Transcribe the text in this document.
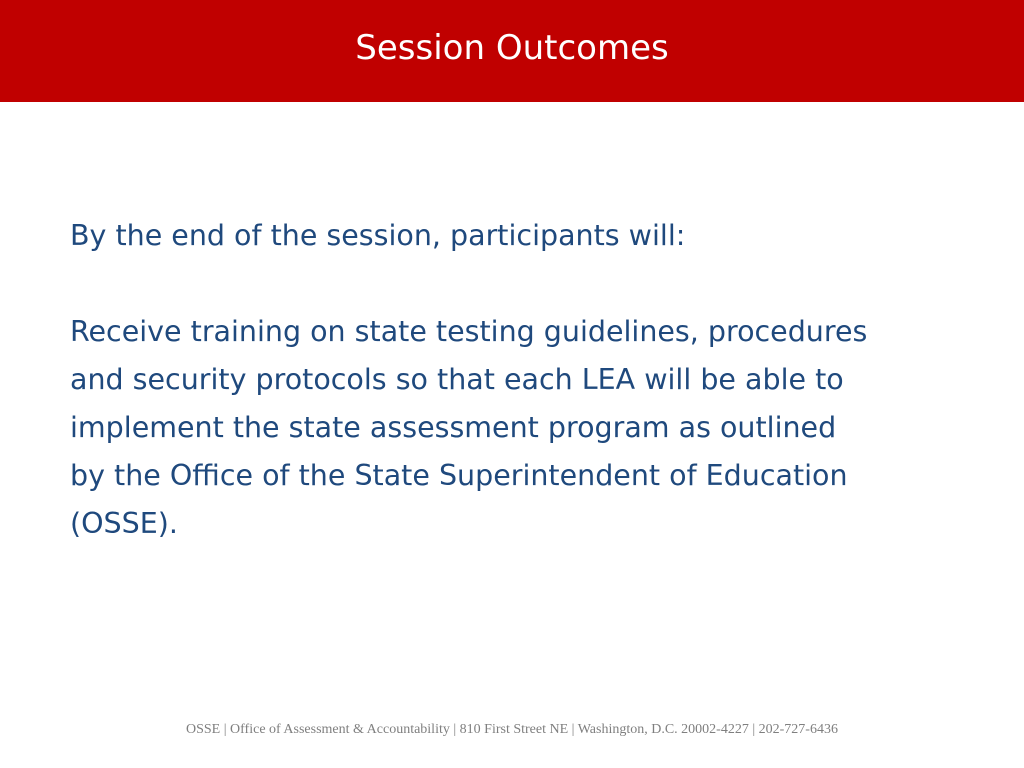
Session Outcomes

By the end of the session, participants will:

Receive training on state testing guidelines, procedures

and security protocols so that each LEA will be able to

implement the state assessment program as outlined

by the Office of the State Superintendent of Education

(OSSE).

OSSE | Office of Assessment & Accountability | 810 First Street NE | Washington, D.C. 20002-4227 | 202-727-6436
